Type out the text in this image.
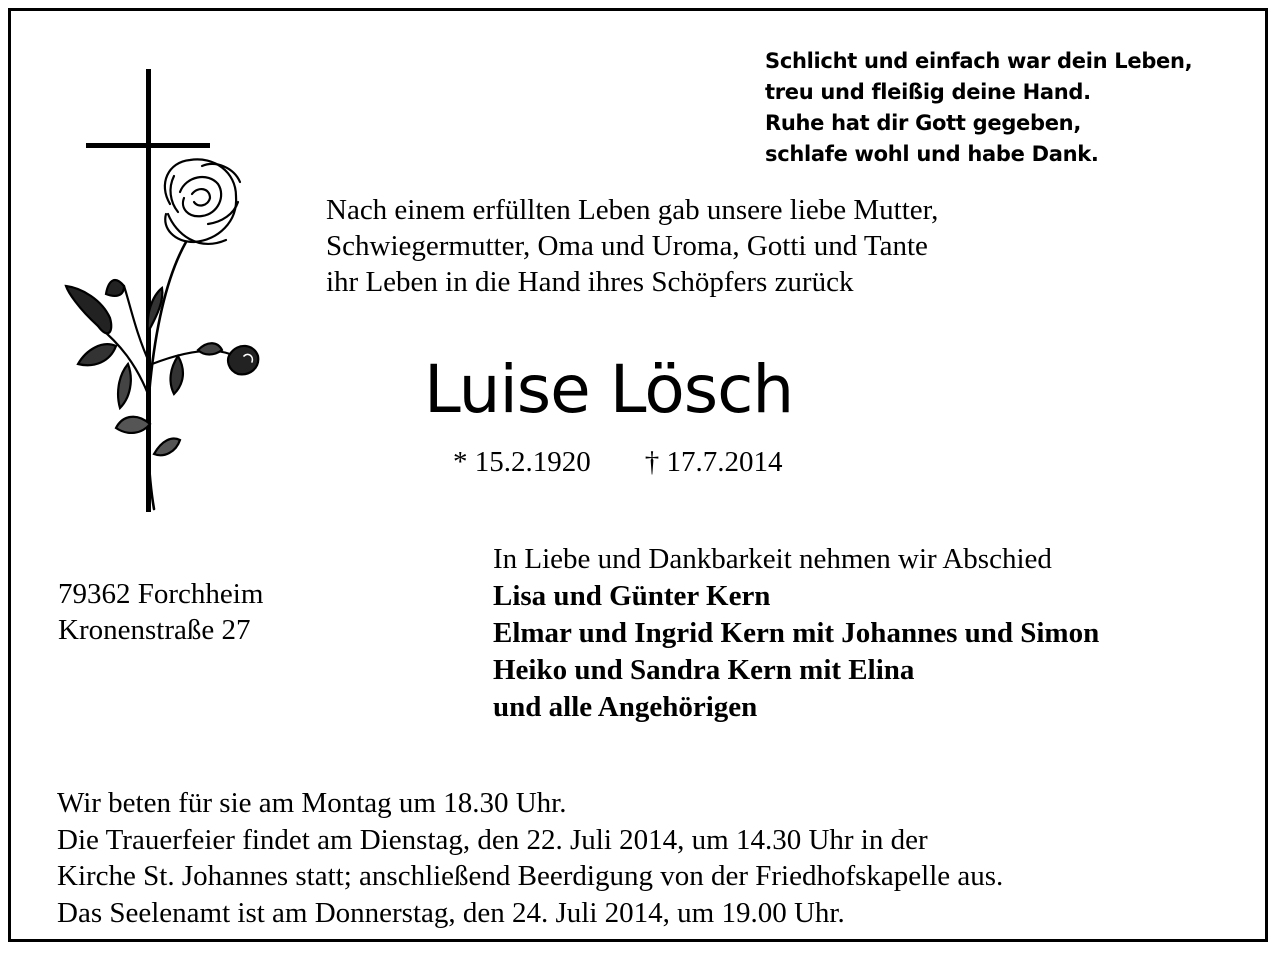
Schlicht und einfach war dein Leben,
treu und fleißig deine Hand.
Ruhe hat dir Gott gegeben,
schlafe wohl und habe Dank.
Nach einem erfüllten Leben gab unsere liebe Mutter,
Schwiegermutter, Oma und Uroma, Gotti und Tante
ihr Leben in die Hand ihres Schöpfers zurück
Luise Lösch
* 15.2.1920 † 17.7.2014
79362 Forchheim
Kronenstraße 27
In Liebe und Dankbarkeit nehmen wir Abschied
Lisa und Günter Kern
Elmar und Ingrid Kern mit Johannes und Simon
Heiko und Sandra Kern mit Elina
und alle Angehörigen
Wir beten für sie am Montag um 18.30 Uhr.
Die Trauerfeier findet am Dienstag, den 22. Juli 2014, um 14.30 Uhr in der
Kirche St. Johannes statt; anschließend Beerdigung von der Friedhofskapelle aus.
Das Seelenamt ist am Donnerstag, den 24. Juli 2014, um 19.00 Uhr.
